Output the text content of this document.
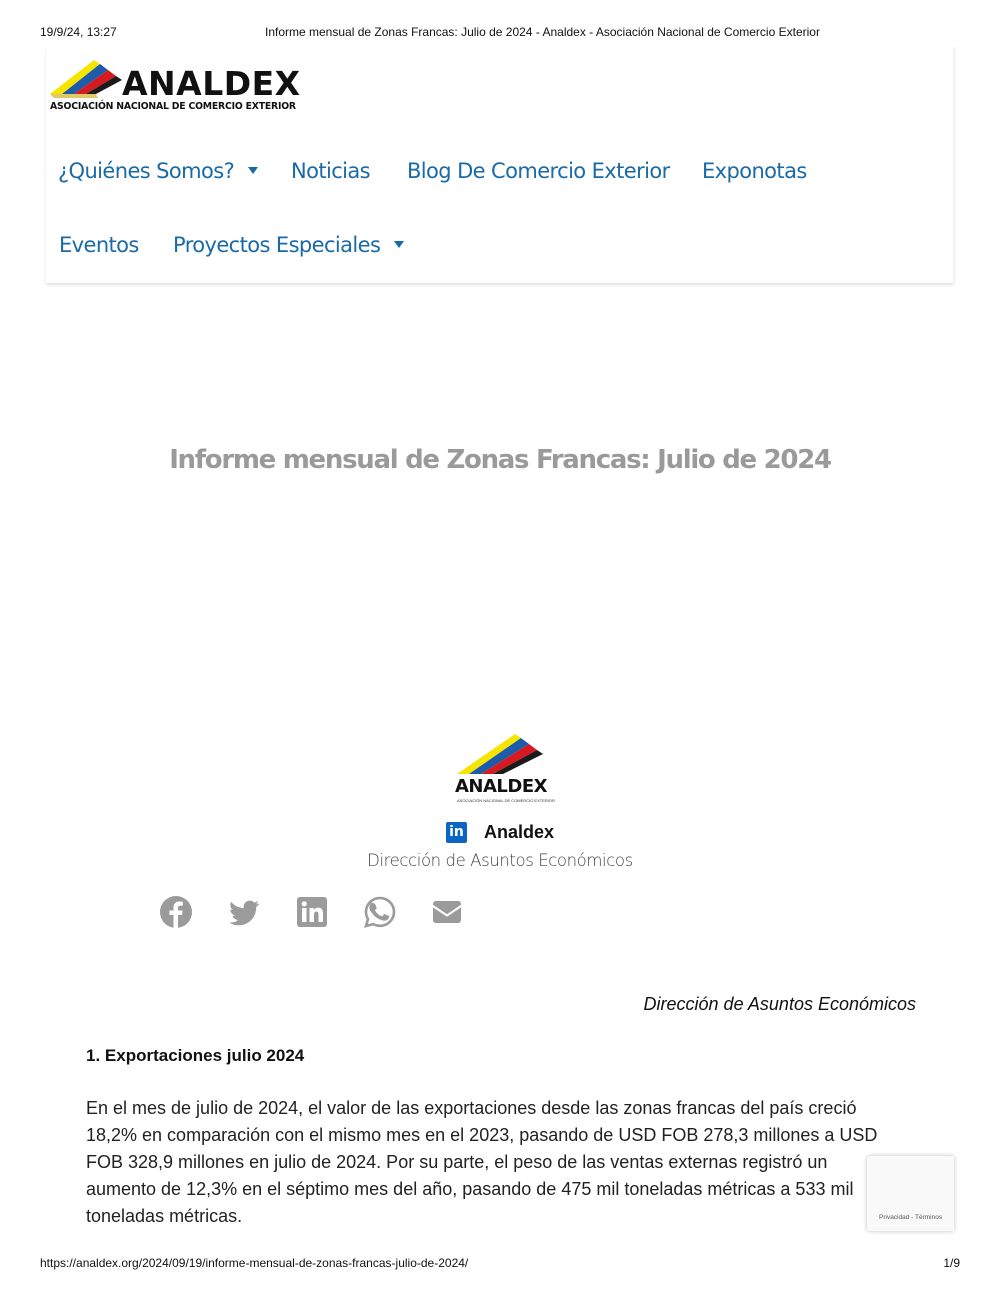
19/9/24, 13:27	Informe mensual de Zonas Francas: Julio de 2024 - Analdex - Asociación Nacional de Comercio Exterior
ANALDEX
ASOCIACIÓN NACIONAL DE COMERCIO EXTERIOR
¿Quiénes Somos?	Noticias Blog De Comercio Exterior Exponotas
Eventos Proyectos Especiales
Informe mensual de Zonas Francas: Julio de 2024
ANALDEX
ASOCIACIÓN NACIONAL DE COMERCIO EXTERIOR
in Analdex
Dirección de Asuntos Económicos
Dirección de Asuntos Económicos
1. Exportaciones julio 2024

En el mes de julio de 2024, el valor de las exportaciones desde las zonas francas del país creció 18,2% en comparación con el mismo mes en el 2023, pasando de USD FOB 278,3 millones a USD FOB 328,9 millones en julio de 2024. Por su parte, el peso de las ventas externas registró un aumento de 12,3% en el séptimo mes del año, pasando de 475 mil toneladas métricas a 533 mil toneladas métricas.	Privacidad - Términos
https://analdex.org/2024/09/19/informe-mensual-de-zonas-francas-julio-de-2024/	1/9
